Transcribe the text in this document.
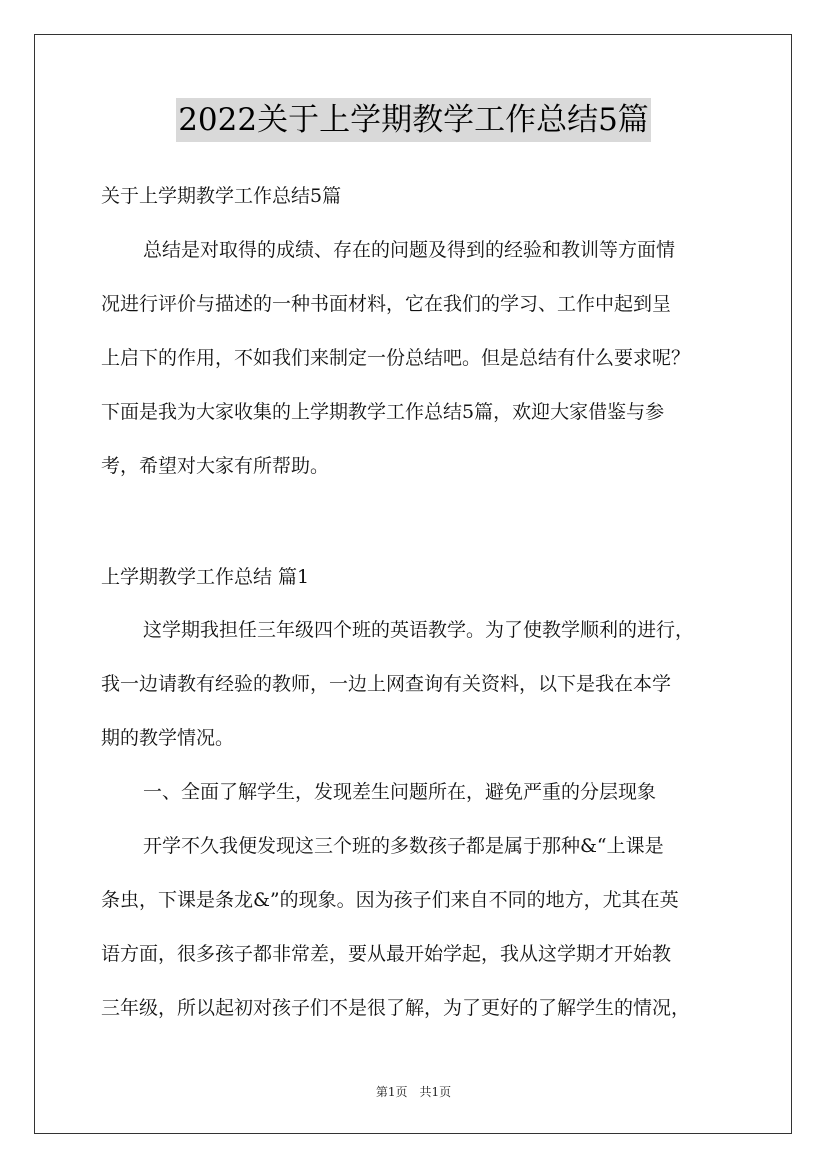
2022关于上学期教学工作总结5篇
关于上学期教学工作总结5篇
总结是对取得的成绩、存在的问题及得到的经验和教训等方面情
况进行评价与描述的一种书面材料，它在我们的学习、工作中起到呈
上启下的作用，不如我们来制定一份总结吧。但是总结有什么要求呢？
下面是我为大家收集的上学期教学工作总结5篇，欢迎大家借鉴与参
考，希望对大家有所帮助。
上学期教学工作总结 篇1
这学期我担任三年级四个班的英语教学。为了使教学顺利的进行，
我一边请教有经验的教师，一边上网查询有关资料，以下是我在本学
期的教学情况。
一、全面了解学生，发现差生问题所在，避免严重的分层现象
开学不久我便发现这三个班的多数孩子都是属于那种&“上课是
条虫，下课是条龙&”的现象。因为孩子们来自不同的地方，尤其在英
语方面，很多孩子都非常差，要从最开始学起，我从这学期才开始教
三年级，所以起初对孩子们不是很了解，为了更好的了解学生的情况，
第1页 共1页
